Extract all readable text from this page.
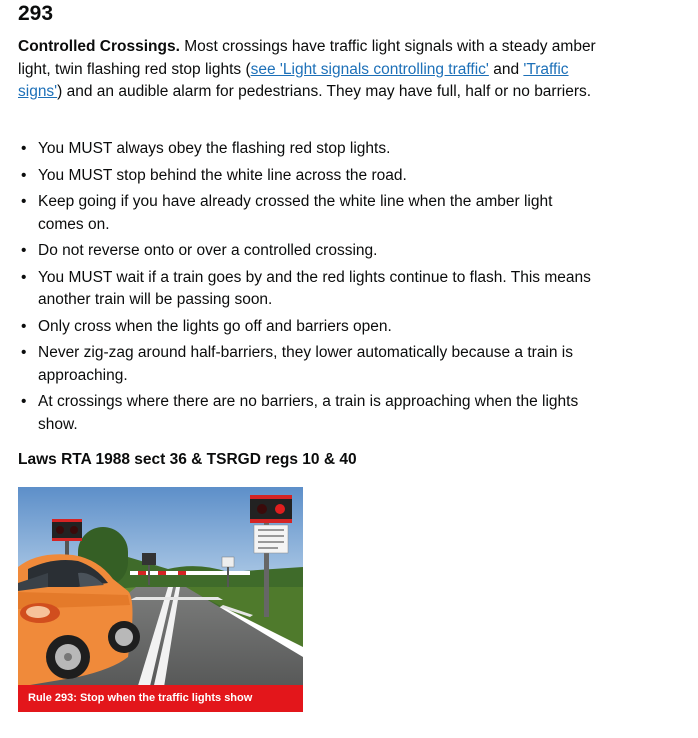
293

Controlled Crossings. Most crossings have traffic light signals with a steady amber light, twin flashing red stop lights (see 'Light signals controlling traffic' and 'Traffic signs') and an audible alarm for pedestrians. They may have full, half or no barriers.

• You MUST always obey the flashing red stop lights.
• You MUST stop behind the white line across the road.
• Keep going if you have already crossed the white line when the amber light comes on.
• Do not reverse onto or over a controlled crossing.
• You MUST wait if a train goes by and the red lights continue to flash. This means another train will be passing soon.
• Only cross when the lights go off and barriers open.
• Never zig-zag around half-barriers, they lower automatically because a train is approaching.
• At crossings where there are no barriers, a train is approaching when the lights show.

Laws RTA 1988 sect 36 & TSRGD regs 10 & 40

Rule 293: Stop when the traffic lights show
